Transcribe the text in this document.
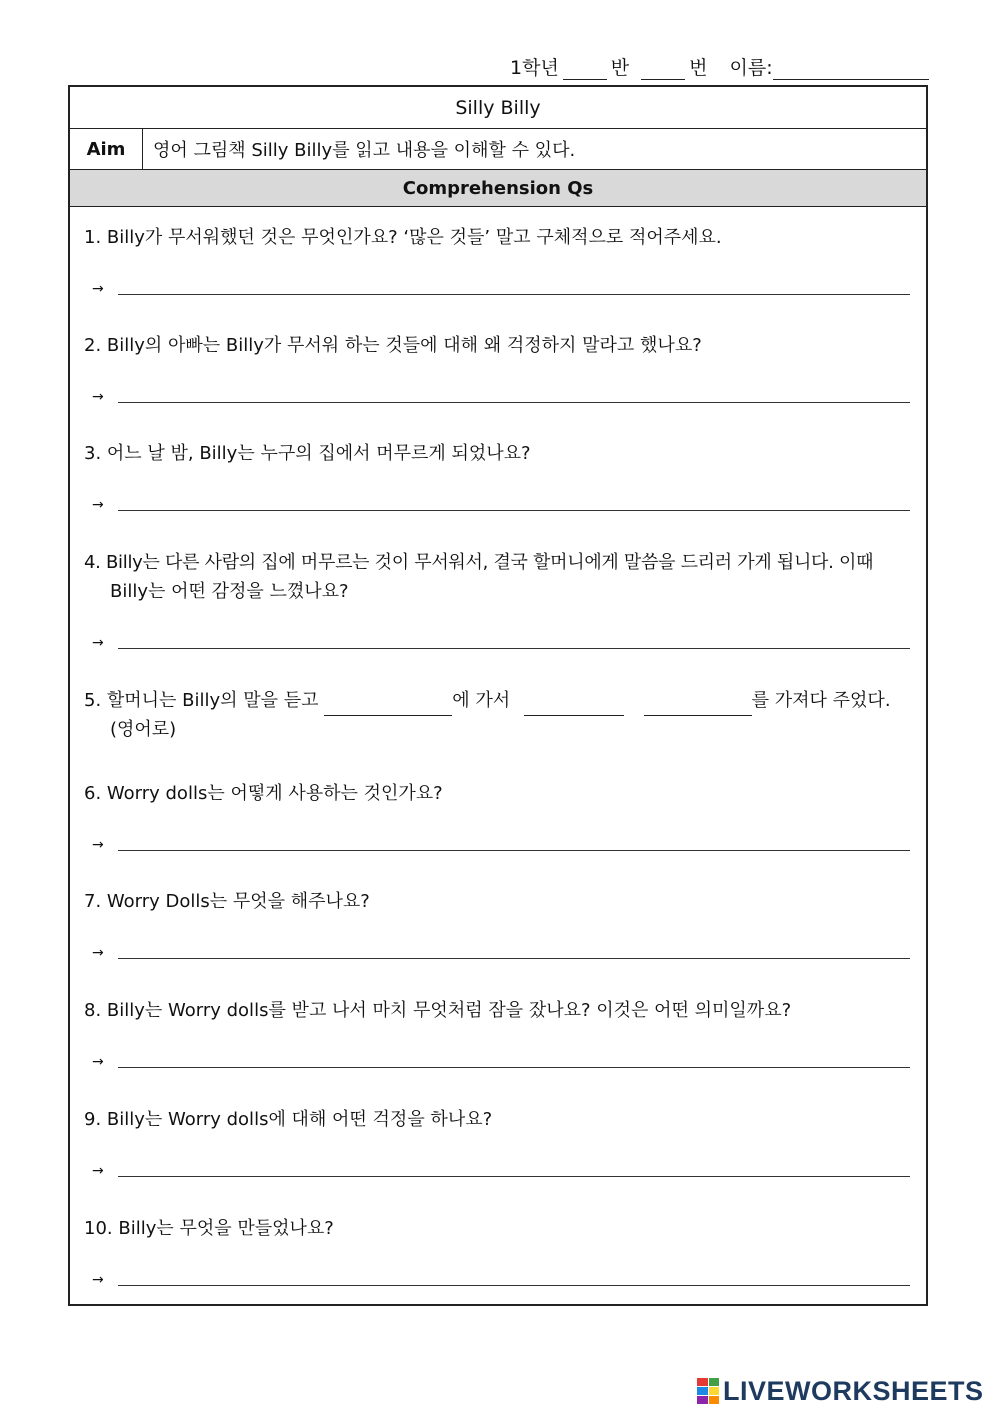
1학년	반	번 이름:
Silly Billy
Aim	영어 그림책 Silly Billy를 읽고 내용을 이해할 수 있다.
Comprehension Qs
1. Billy가 무서워했던 것은 무엇인가요? ‘많은 것들’ 말고 구체적으로 적어주세요.
→
2. Billy의 아빠는 Billy가 무서워 하는 것들에 대해 왜 걱정하지 말라고 했나요?
→
3. 어느 날 밤, Billy는 누구의 집에서 머무르게 되었나요?
→
4. Billy는 다른 사람의 집에 머무르는 것이 무서워서, 결국 할머니에게 말씀을 드리러 가게 됩니다. 이때
Billy는 어떤 감정을 느꼈나요?
→
5. 할머니는 Billy의 말을 듣고	에 가서	를 가져다 주었다.
(영어로)
6. Worry dolls는 어떻게 사용하는 것인가요?
→
7. Worry Dolls는 무엇을 해주나요?
→
8. Billy는 Worry dolls를 받고 나서 마치 무엇처럼 잠을 잤나요? 이것은 어떤 의미일까요?
→
9. Billy는 Worry dolls에 대해 어떤 걱정을 하나요?
→
10. Billy는 무엇을 만들었나요?
→
LIVEWORKSHEETS
